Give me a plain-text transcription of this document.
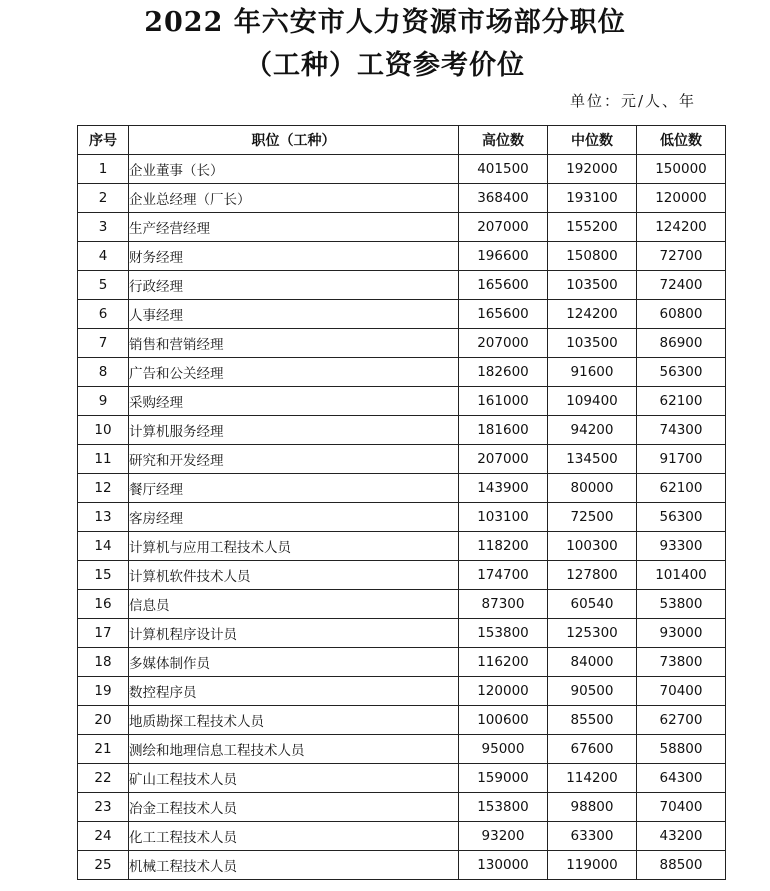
2022 年六安市人力资源市场部分职位
（工种）工资参考价位
单位：元/人、年
序号	职位（工种）	高位数	中位数	低位数
1	企业董事（长）	401500	192000	150000
2	企业总经理（厂长）	368400	193100	120000
3	生产经营经理	207000	155200	124200
4	财务经理	196600	150800	72700
5	行政经理	165600	103500	72400
6	人事经理	165600	124200	60800
7	销售和营销经理	207000	103500	86900
8	广告和公关经理	182600	91600	56300
9	采购经理	161000	109400	62100
10	计算机服务经理	181600	94200	74300
11	研究和开发经理	207000	134500	91700
12	餐厅经理	143900	80000	62100
13	客房经理	103100	72500	56300
14	计算机与应用工程技术人员	118200	100300	93300
15	计算机软件技术人员	174700	127800	101400
16	信息员	87300	60540	53800
17	计算机程序设计员	153800	125300	93000
18	多媒体制作员	116200	84000	73800
19	数控程序员	120000	90500	70400
20	地质勘探工程技术人员	100600	85500	62700
21	测绘和地理信息工程技术人员	95000	67600	58800
22	矿山工程技术人员	159000	114200	64300
23	冶金工程技术人员	153800	98800	70400
24	化工工程技术人员	93200	63300	43200
25	机械工程技术人员	130000	119000	88500
